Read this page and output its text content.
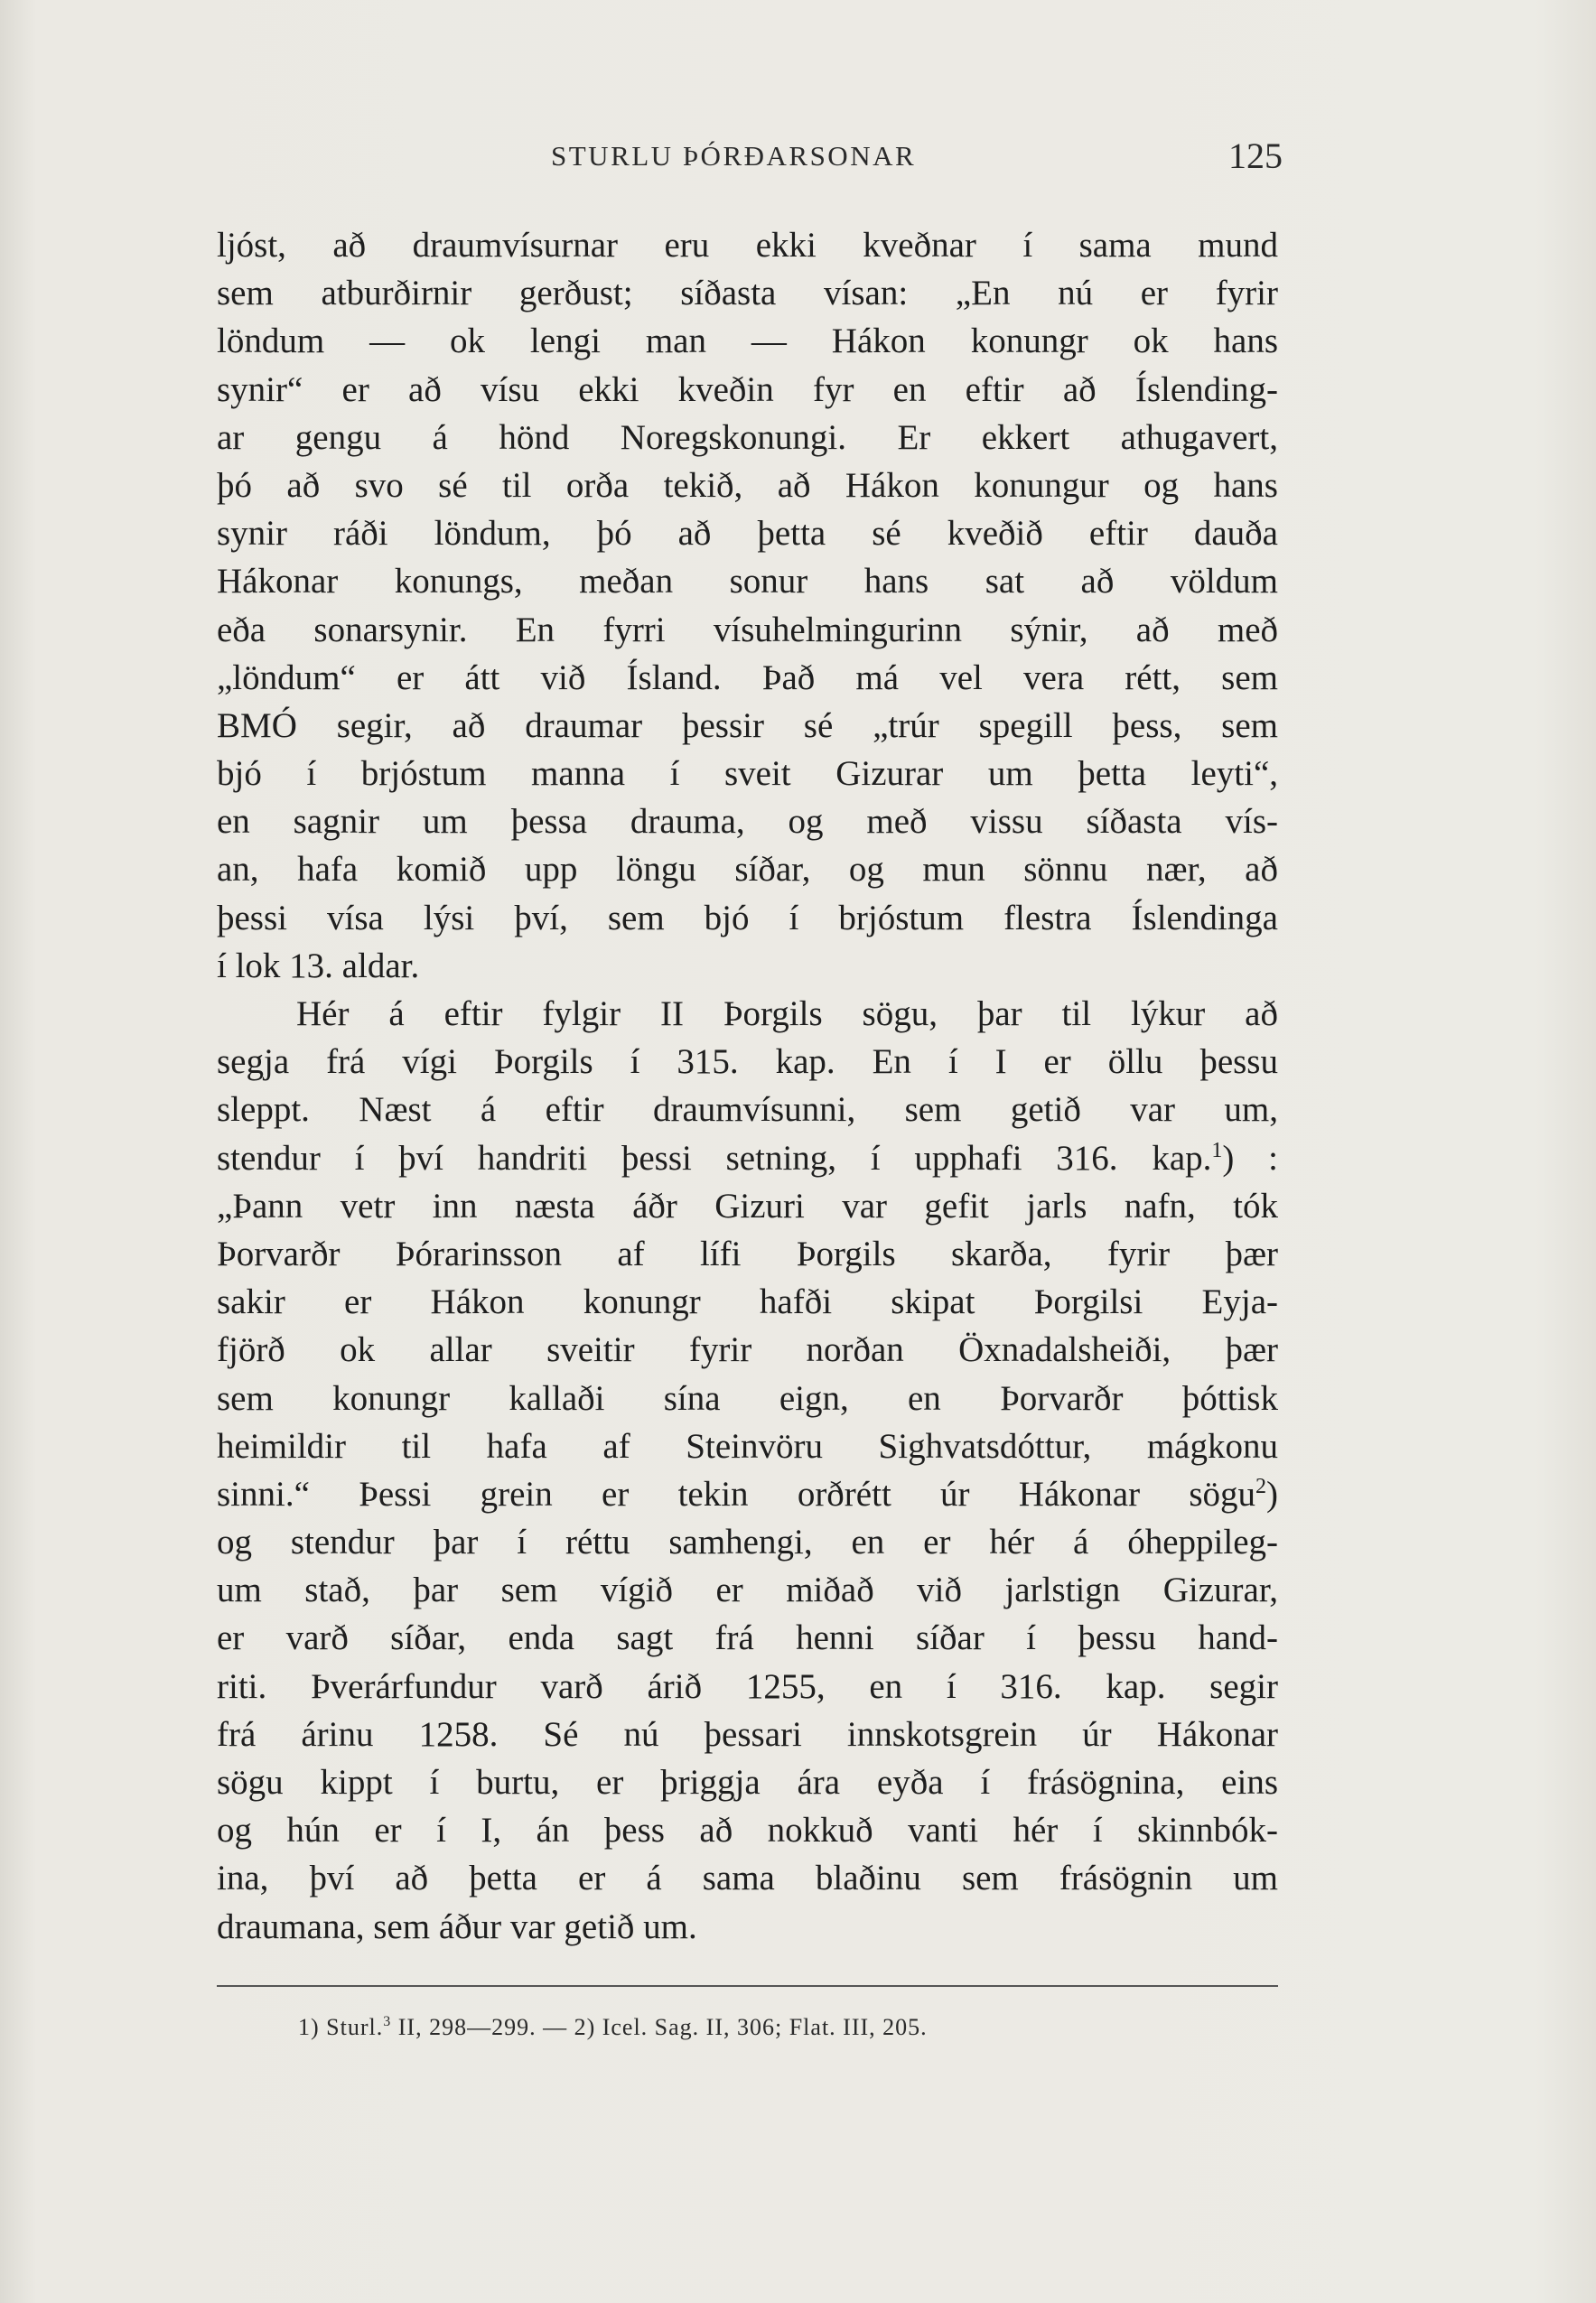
STURLU ÞÓRÐARSONAR	125
ljóst, að draumvísurnar eru ekki kveðnar í sama mund
sem atburðirnir gerðust; síðasta vísan: „En nú er fyrir
löndum — ok lengi man — Hákon konungr ok hans
synir“ er að vísu ekki kveðin fyr en eftir að Íslending-
ar gengu á hönd Noregskonungi. Er ekkert athugavert,
þó að svo sé til orða tekið, að Hákon konungur og hans
synir ráði löndum, þó að þetta sé kveðið eftir dauða
Hákonar konungs, meðan sonur hans sat að völdum
eða sonarsynir. En fyrri vísuhelmingurinn sýnir, að með
„löndum“ er átt við Ísland. Það má vel vera rétt, sem
BMÓ segir, að draumar þessir sé „trúr spegill þess, sem
bjó í brjóstum manna í sveit Gizurar um þetta leyti“,
en sagnir um þessa drauma, og með vissu síðasta vís-
an, hafa komið upp löngu síðar, og mun sönnu nær, að
þessi vísa lýsi því, sem bjó í brjóstum flestra Íslendinga
í lok 13. aldar.
Hér á eftir fylgir II Þorgils sögu, þar til lýkur að
segja frá vígi Þorgils í 315. kap. En í I er öllu þessu
sleppt. Næst á eftir draumvísunni, sem getið var um,
stendur í því handriti þessi setning, í upphafi 316. kap.$^1$) :
„Þann vetr inn næsta áðr Gizuri var gefit jarls nafn, tók
Þorvarðr Þórarinsson af lífi Þorgils skarða, fyrir þær
sakir er Hákon konungr hafði skipat Þorgilsi Eyja-
fjörð ok allar sveitir fyrir norðan Öxnadalsheiði, þær
sem konungr kallaði sína eign, en Þorvarðr þóttisk
heimildir til hafa af Steinvöru Sighvatsdóttur, mágkonu
sinni.“ Þessi grein er tekin orðrétt úr Hákonar sögu$^2$)
og stendur þar í réttu samhengi, en er hér á óheppileg-
um stað, þar sem vígið er miðað við jarlstign Gizurar,
er varð síðar, enda sagt frá henni síðar í þessu hand-
riti. Þverárfundur varð árið 1255, en í 316. kap. segir
frá árinu 1258. Sé nú þessari innskotsgrein úr Hákonar
sögu kippt í burtu, er þriggja ára eyða í frásögnina, eins
og hún er í I, án þess að nokkuð vanti hér í skinnbók-
ina, því að þetta er á sama blaðinu sem frásögnin um
draumana, sem áður var getið um.
1) Sturl.$^3$ II, 298—299. — 2) Icel. Sag. II, 306; Flat. III, 205.
